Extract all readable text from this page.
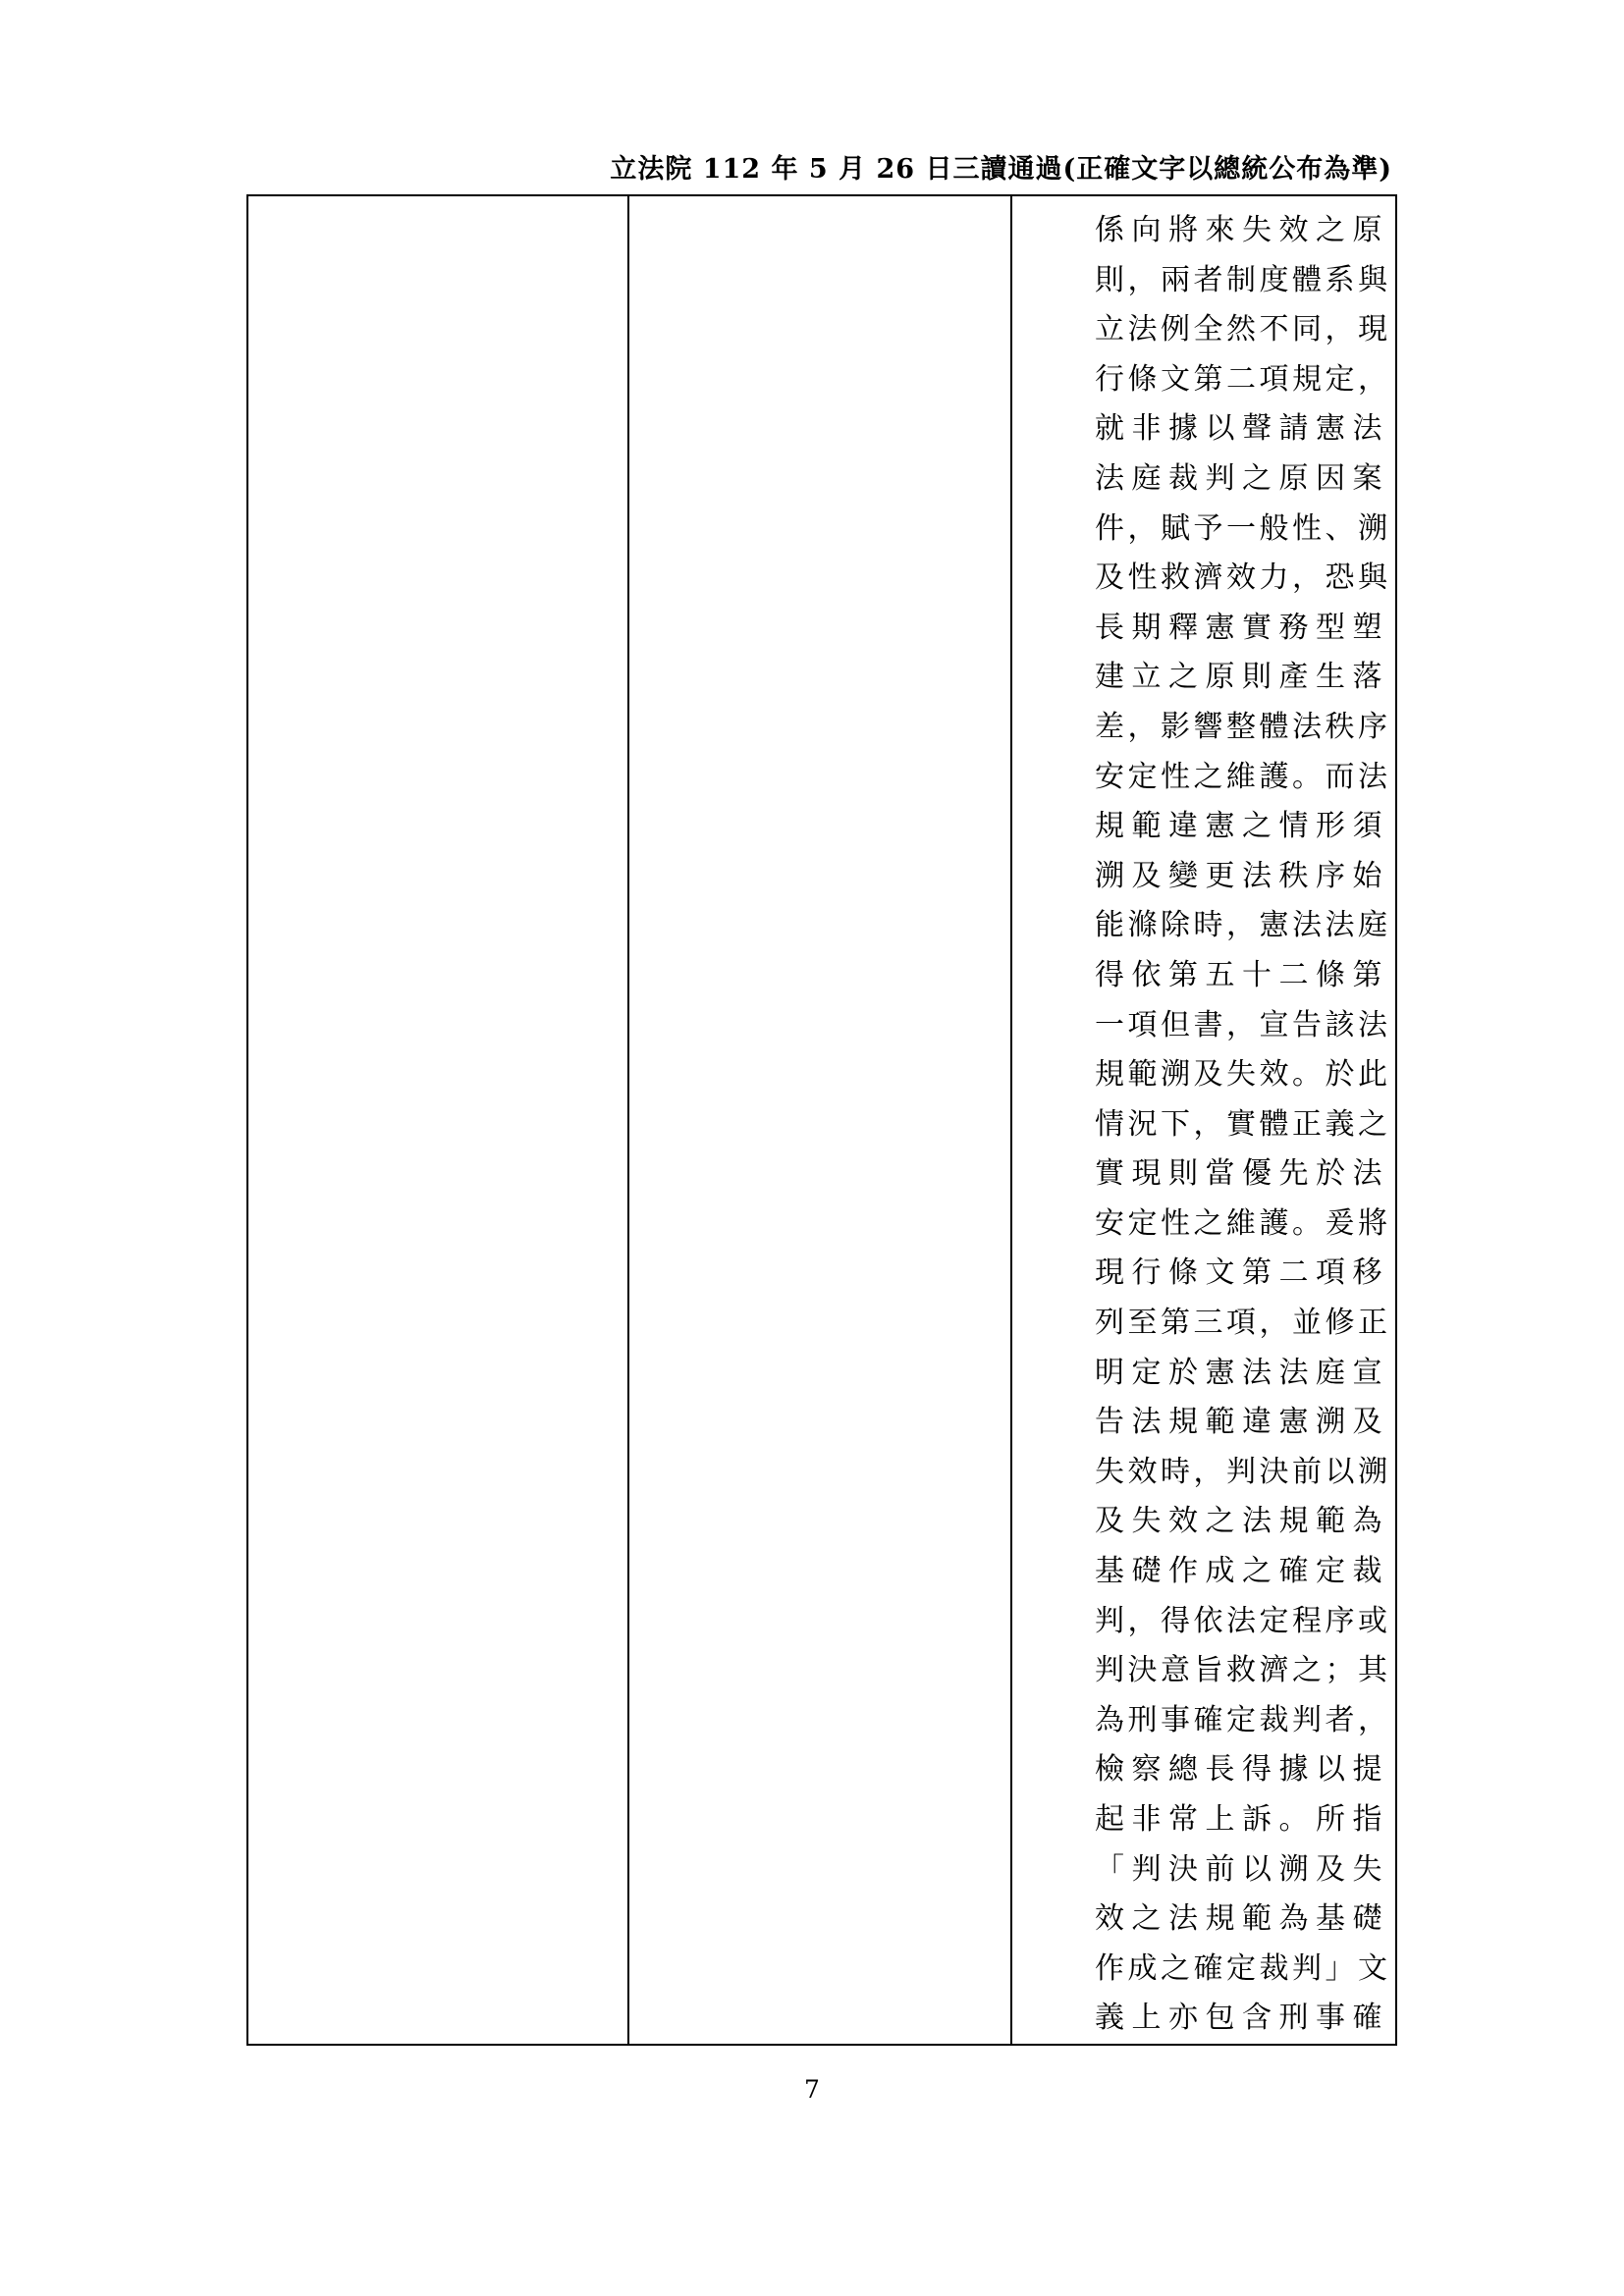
立法院 112 年 5 月 26 日三讀通過(正確文字以總統公布為準)

係向將來失效之原
則，兩者制度體系與
立法例全然不同，現
行條文第二項規定，
就非據以聲請憲法
法庭裁判之原因案
件，賦予一般性、溯
及性救濟效力，恐與
長期釋憲實務型塑
建立之原則產生落
差，影響整體法秩序
安定性之維護。而法
規範違憲之情形須
溯及變更法秩序始
能滌除時，憲法法庭
得依第五十二條第
一項但書，宣告該法
規範溯及失效。於此
情況下，實體正義之
實現則當優先於法
安定性之維護。爰將
現行條文第二項移
列至第三項，並修正
明定於憲法法庭宣
告法規範違憲溯及
失效時，判決前以溯
及失效之法規範為
基礎作成之確定裁
判，得依法定程序或
判決意旨救濟之；其
為刑事確定裁判者，
檢察總長得據以提
起非常上訴。所指
「判決前以溯及失
效之法規範為基礎
作成之確定裁判」文
義上亦包含刑事確
7
